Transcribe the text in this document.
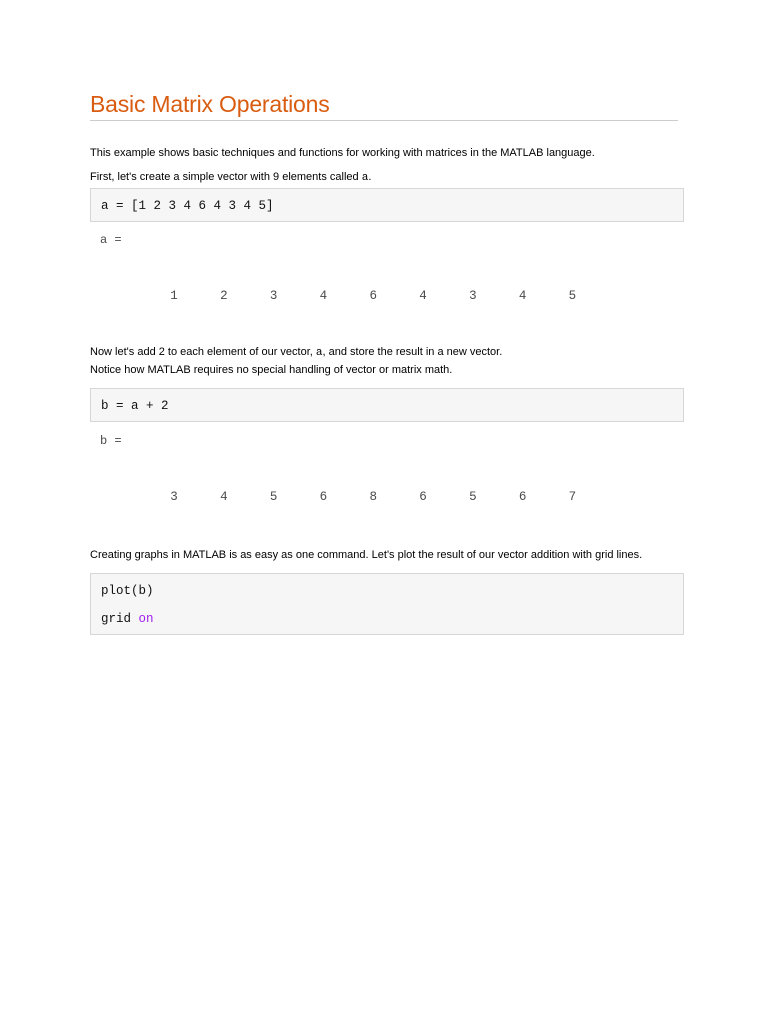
Basic Matrix Operations

This example shows basic techniques and functions for working with matrices in the MATLAB language.

First, let's create a simple vector with 9 elements called a.

a = [1 2 3 4 6 4 3 4 5]
a =
1	2	3	4	6	4	3	4	5

Now let's add 2 to each element of our vector, a, and store the result in a new vector.

Notice how MATLAB requires no special handling of vector or matrix math.

b = a + 2
b =
3	4	5	6	8	6	5	6	7

Creating graphs in MATLAB is as easy as one command. Let's plot the result of our vector addition with grid lines.

plot(b)
grid on
